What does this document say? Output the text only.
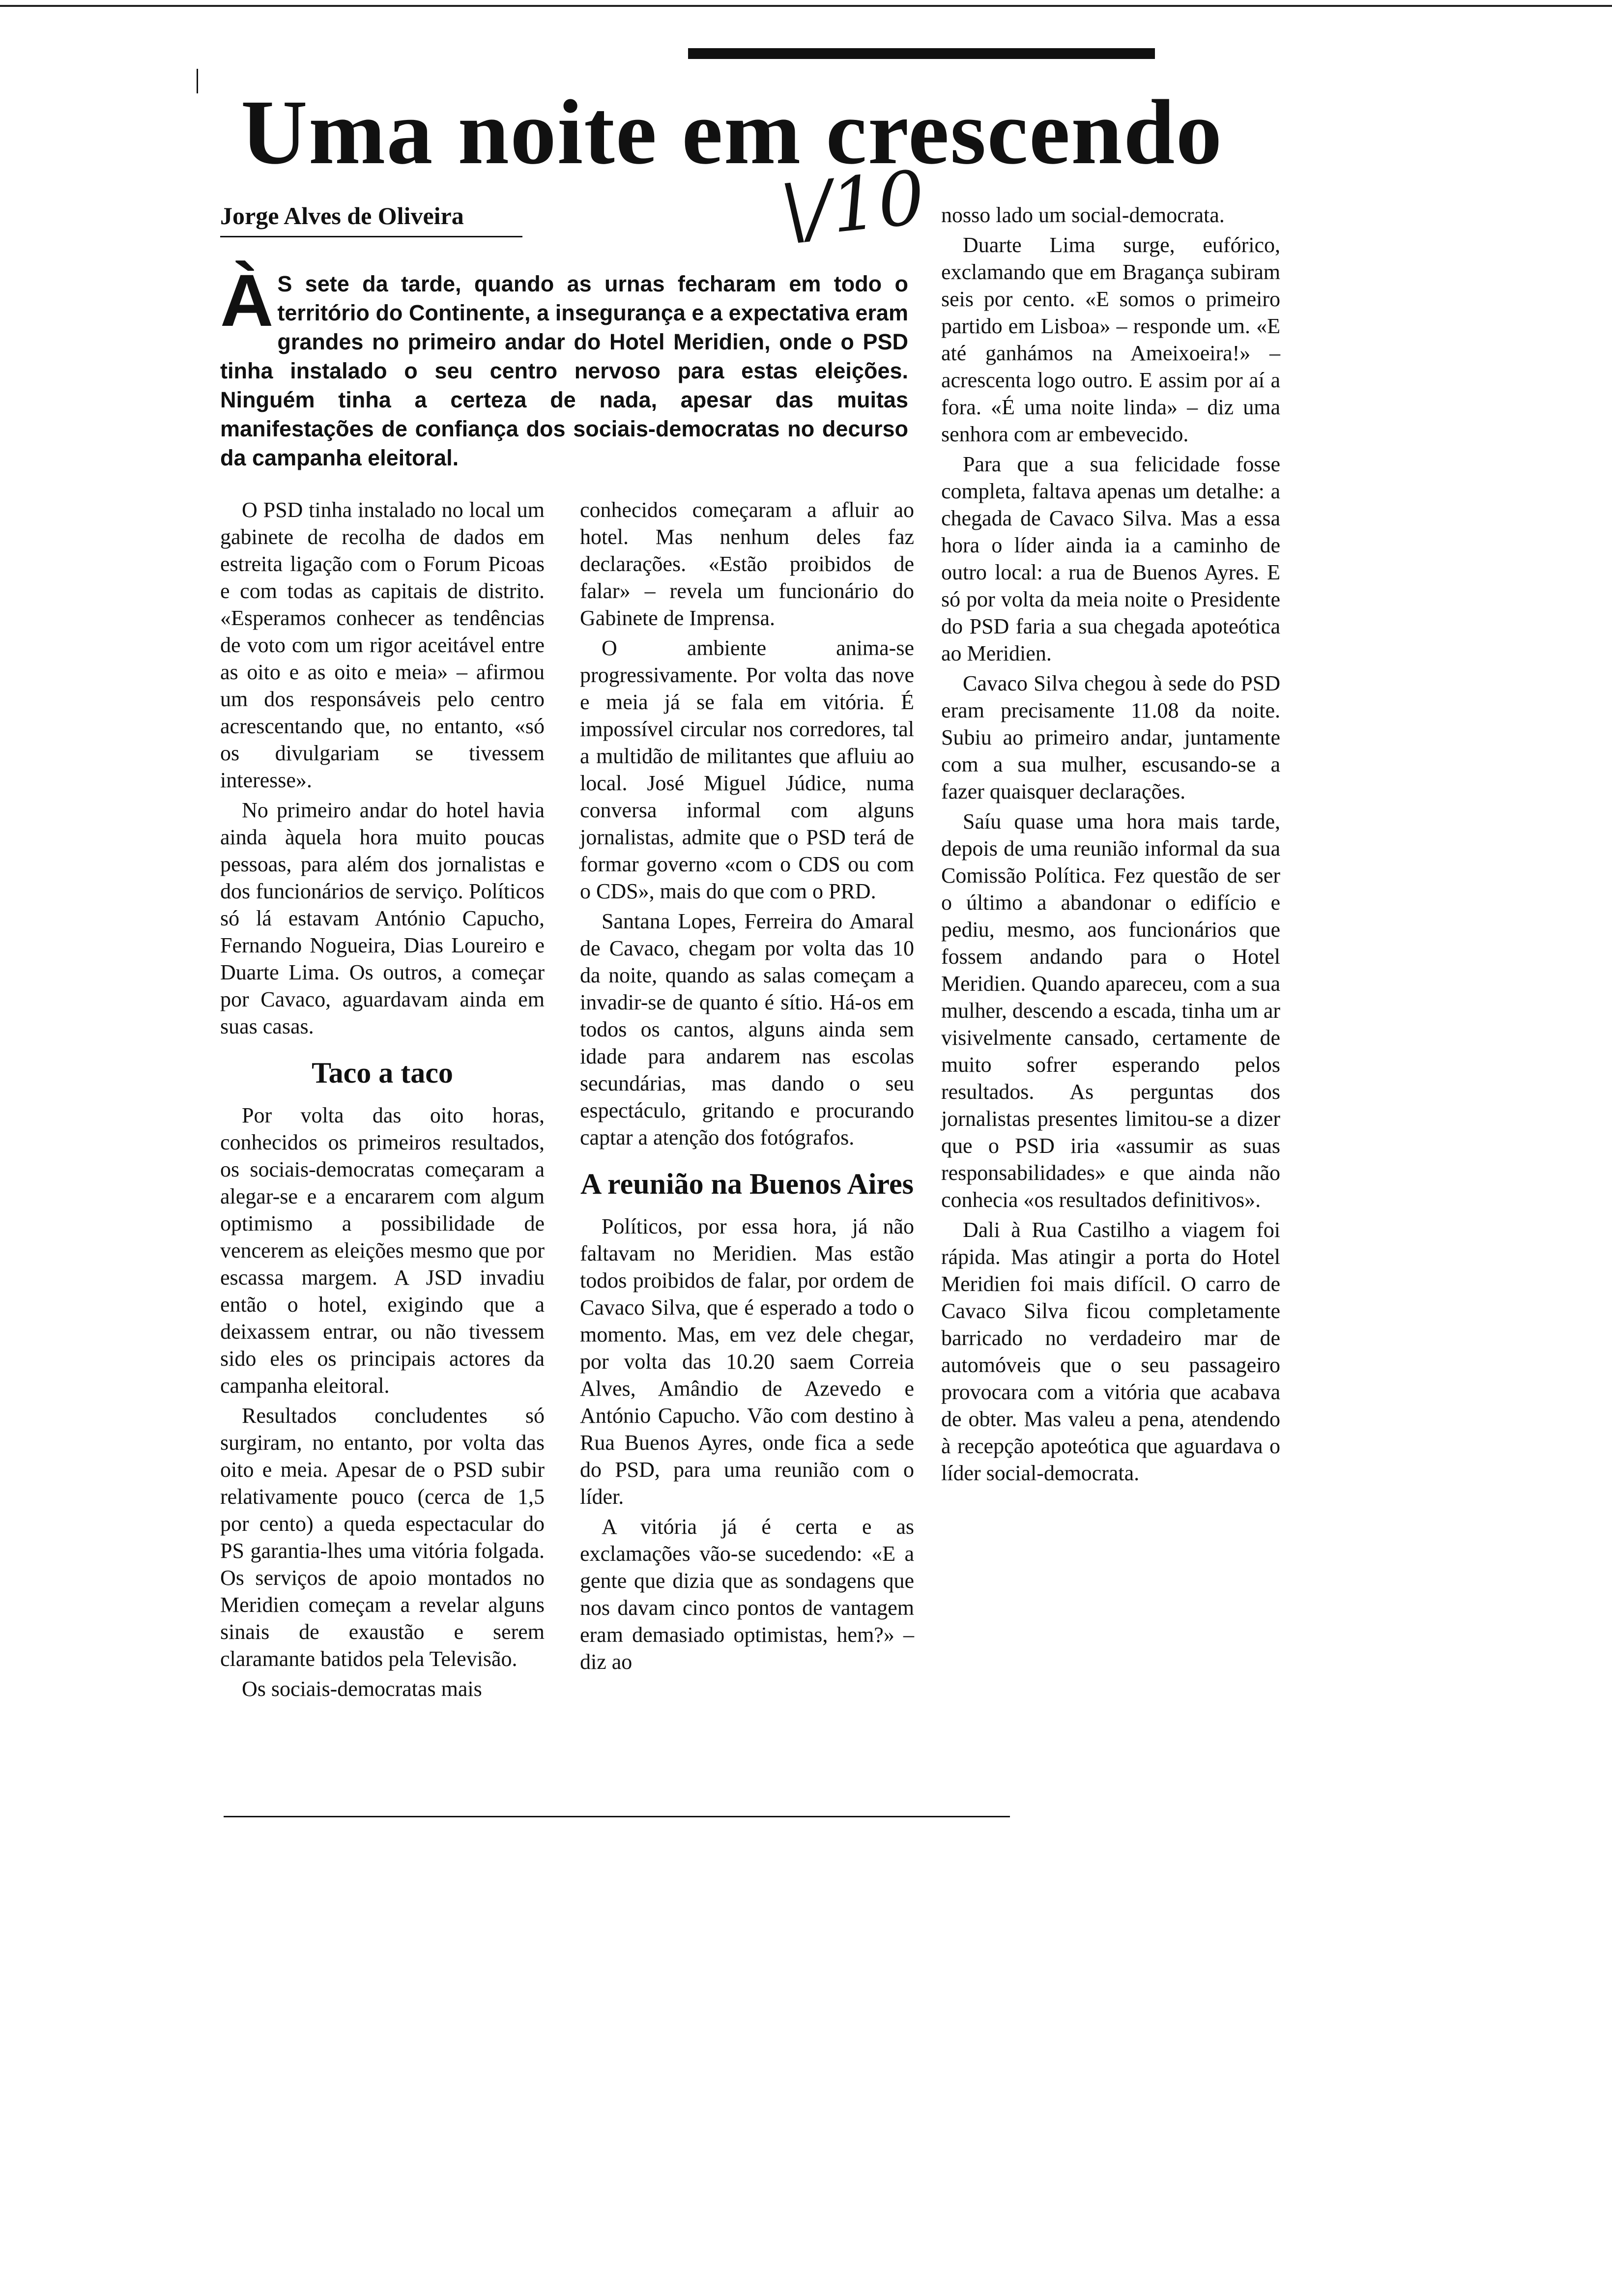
Uma noite em crescendo
\/10
Jorge Alves de Oliveira
À S sete da tarde, quando as urnas fecharam em todo o território do Continente, a insegurança e a expectativa eram grandes no primeiro andar do Hotel Meridien, onde o PSD tinha instalado o seu centro nervoso para estas eleições. Ninguém tinha a certeza de nada, apesar das muitas manifestações de confiança dos sociais-democratas no decurso da campanha eleitoral.

O PSD tinha instalado no local um gabinete de recolha de dados em estreita ligação com o Forum Picoas e com todas as capitais de distrito. «Esperamos conhecer as tendências de voto com um rigor aceitável entre as oito e as oito e meia» – afirmou um dos responsáveis pelo centro acrescentando que, no entanto, «só os divulgariam se tivessem interesse».

No primeiro andar do hotel havia ainda àquela hora muito poucas pessoas, para além dos jornalistas e dos funcionários de serviço. Políticos só lá estavam António Capucho, Fernando Nogueira, Dias Loureiro e Duarte Lima. Os outros, a começar por Cavaco, aguardavam ainda em suas casas.

Taco a taco

Por volta das oito horas, conhecidos os primeiros resultados, os sociais-democratas começaram a alegar-se e a encararem com algum optimismo a possibilidade de vencerem as eleições mesmo que por escassa margem. A JSD invadiu então o hotel, exigindo que a deixassem entrar, ou não tivessem sido eles os principais actores da campanha eleitoral.

Resultados concludentes só surgiram, no entanto, por volta das oito e meia. Apesar de o PSD subir relativamente pouco (cerca de 1,5 por cento) a queda espectacular do PS garantia-lhes uma vitória folgada. Os serviços de apoio montados no Meridien começam a revelar alguns sinais de exaustão e serem claramante batidos pela Televisão.

Os sociais-democratas mais

conhecidos começaram a afluir ao hotel. Mas nenhum deles faz declarações. «Estão proibidos de falar» – revela um funcionário do Gabinete de Imprensa.

O ambiente anima-se progressivamente. Por volta das nove e meia já se fala em vitória. É impossível circular nos corredores, tal a multidão de militantes que afluiu ao local. José Miguel Júdice, numa conversa informal com alguns jornalistas, admite que o PSD terá de formar governo «com o CDS ou com o CDS», mais do que com o PRD.

Santana Lopes, Ferreira do Amaral de Cavaco, chegam por volta das 10 da noite, quando as salas começam a invadir-se de quanto é sítio. Há-os em todos os cantos, alguns ainda sem idade para andarem nas escolas secundárias, mas dando o seu espectáculo, gritando e procurando captar a atenção dos fotógrafos.

A reunião na Buenos Aires

Políticos, por essa hora, já não faltavam no Meridien. Mas estão todos proibidos de falar, por ordem de Cavaco Silva, que é esperado a todo o momento. Mas, em vez dele chegar, por volta das 10.20 saem Correia Alves, Amândio de Azevedo e António Capucho. Vão com destino à Rua Buenos Ayres, onde fica a sede do PSD, para uma reunião com o líder.

A vitória já é certa e as exclamações vão-se sucedendo: «E a gente que dizia que as sondagens que nos davam cinco pontos de vantagem eram demasiado optimistas, hem?» – diz ao

nosso lado um social-democrata.

Duarte Lima surge, eufórico, exclamando que em Bragança subiram seis por cento. «E somos o primeiro partido em Lisboa» – responde um. «E até ganhámos na Ameixoeira!» – acrescenta logo outro. E assim por aí a fora. «É uma noite linda» – diz uma senhora com ar embevecido.

Para que a sua felicidade fosse completa, faltava apenas um detalhe: a chegada de Cavaco Silva. Mas a essa hora o líder ainda ia a caminho de outro local: a rua de Buenos Ayres. E só por volta da meia noite o Presidente do PSD faria a sua chegada apoteótica ao Meridien.

Cavaco Silva chegou à sede do PSD eram precisamente 11.08 da noite. Subiu ao primeiro andar, juntamente com a sua mulher, escusando-se a fazer quaisquer declarações.

Saíu quase uma hora mais tarde, depois de uma reunião informal da sua Comissão Política. Fez questão de ser o último a abandonar o edifício e pediu, mesmo, aos funcionários que fossem andando para o Hotel Meridien. Quando apareceu, com a sua mulher, descendo a escada, tinha um ar visivelmente cansado, certamente de muito sofrer esperando pelos resultados. As perguntas dos jornalistas presentes limitou-se a dizer que o PSD iria «assumir as suas responsabilidades» e que ainda não conhecia «os resultados definitivos».

Dali à Rua Castilho a viagem foi rápida. Mas atingir a porta do Hotel Meridien foi mais difícil. O carro de Cavaco Silva ficou completamente barricado no verdadeiro mar de automóveis que o seu passageiro provocara com a vitória que acabava de obter. Mas valeu a pena, atendendo à recepção apoteótica que aguardava o líder social-democrata.
